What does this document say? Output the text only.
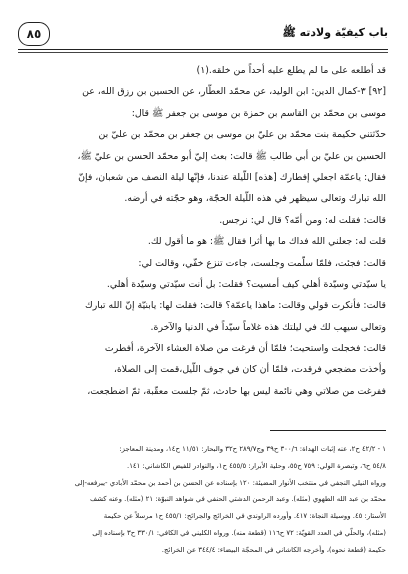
باب كيفيّة ولادته ﷺ
٨٥
قد أطلعه على ما لم يطلع عليه أحداً من خلقه.(١)
[٩٢] ٣-كمال الدين: ابن الوليد، عن محمّد العطّار، عن الحسين بن رزق الله، عن
موسى بن محمّد بن القاسم بن حمزة بن موسى بن جعفر ﷺ قال:
حدّثتني حكيمة بنت محمّد بن عليّ بن موسى بن جعفر بن محمّد بن عليّ بن
الحسين بن عليّ بن أبي طالب ﷺ قالت: بعث إليّ أبو محمّد الحسن بن عليّ ﷺ،
فقال: ياعمّة اجعلي إفطارك [هذه] اللّيلة عندنا، فإنّها ليلة النصف من شعبان، فإنّ
الله تبارك وتعالى سيظهر في هذه اللّيلة الحجّة، وهو حجّته في أرضه.
قالت: فقلت له: ومن أمّه؟ قال لي: نرجس.
قلت له: جعلني الله فداك ما بها أثرا فقال ﷺ: هو ما أقول لك.
قالت: فجئت، فلمّا سلّمت وجلست، جاءت تنزع خفّي، وقالت لي:
يا سيّدتي وسيّدة أهلي كيف أمسيت؟ فقلت: بل أنت سيّدتي وسيّدة أهلي.
قالت: فأنكرت قولي وقالت: ماهذا ياعمّة؟ قالت: فقلت لها: يابنيّة إنّ الله تبارك
وتعالى سيهب لك في ليلتك هذه غلاماً سيّداً في الدنيا والآخرة.
قالت: فخجلت واستحيت؛ فلمّا أن فرغت من صلاة العشاء الآخرة، أفطرت
وأخذت مضجعي فرقدت، فلمّا أن كان في جوف اللّيل،قمت إلى الصلاة،
ففرغت من صلاتي وهي نائمة ليس بها حادث، ثمّ جلست معقّبة، ثمّ اضطجعت،
١ - ٤٢/٢ ح٢، عنه إثبات الهداة: ٣٠٠/٦ ح٣٩ وج٢٨٩/٧ ح٣٢ والبحار: ١١/٥١ ح١٤، ومدينة المعاجز:
٥٤/٨ ح٦، وتبصرة الولي: ٧٥٩ ح٥٥، وحلية الأبرار: ٤٥٥/٥ ح١، والنوادر للفيض الكاشاني: ١٤١.
ورواه النيلي النجفي في منتخب الأنوار المضيئة: ١٢٠ بإسناده عن الحسن بن أحمد بن محمّد الأبادي -يبرفعه-إلى
محمّد بن عبد الله الطهوي (مثله). وعبد الرحمن الدشتي الحنفي في شواهد النبوّة: ٢١ (مثله). وعنه كشف
الأستار: ٤٥. ووسيلة النجاة: ٤١٧. وأورده الراوندي في الخرائج والجرائح: ٤٥٥/١ ح١ مرسلاً عن حكيمة
(مثله)، والحلّي في العدد القويّة: ٧٢ ح١١٦ (قطعة منه). ورواه الكليني في الكافي: ٣٣٠/١ ح٣ بإسناده إلى
حكيمة (قطعة نحوه)، وأخرجه الكاشاني في المحجّة البيضاء: ٣٤٤/٤ عن الخرائج.
